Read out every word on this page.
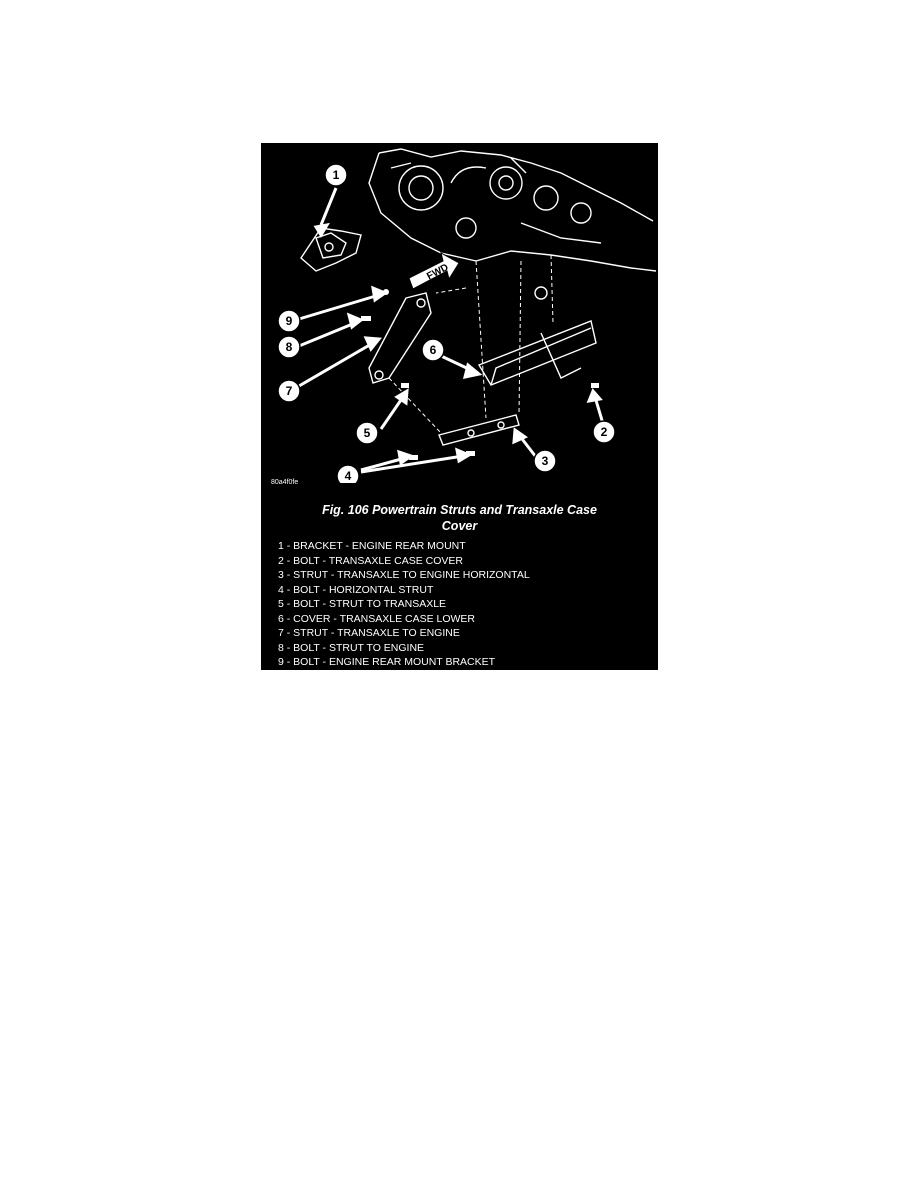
FWD
1
2
3
4
5
6
7
8
9
80a4f0fe
Fig. 106 Powertrain Struts and Transaxle Case
Cover
1 - BRACKET - ENGINE REAR MOUNT
2 - BOLT - TRANSAXLE CASE COVER
3 - STRUT - TRANSAXLE TO ENGINE HORIZONTAL
4 - BOLT - HORIZONTAL STRUT
5 - BOLT - STRUT TO TRANSAXLE
6 - COVER - TRANSAXLE CASE LOWER
7 - STRUT - TRANSAXLE TO ENGINE
8 - BOLT - STRUT TO ENGINE
9 - BOLT - ENGINE REAR MOUNT BRACKET
